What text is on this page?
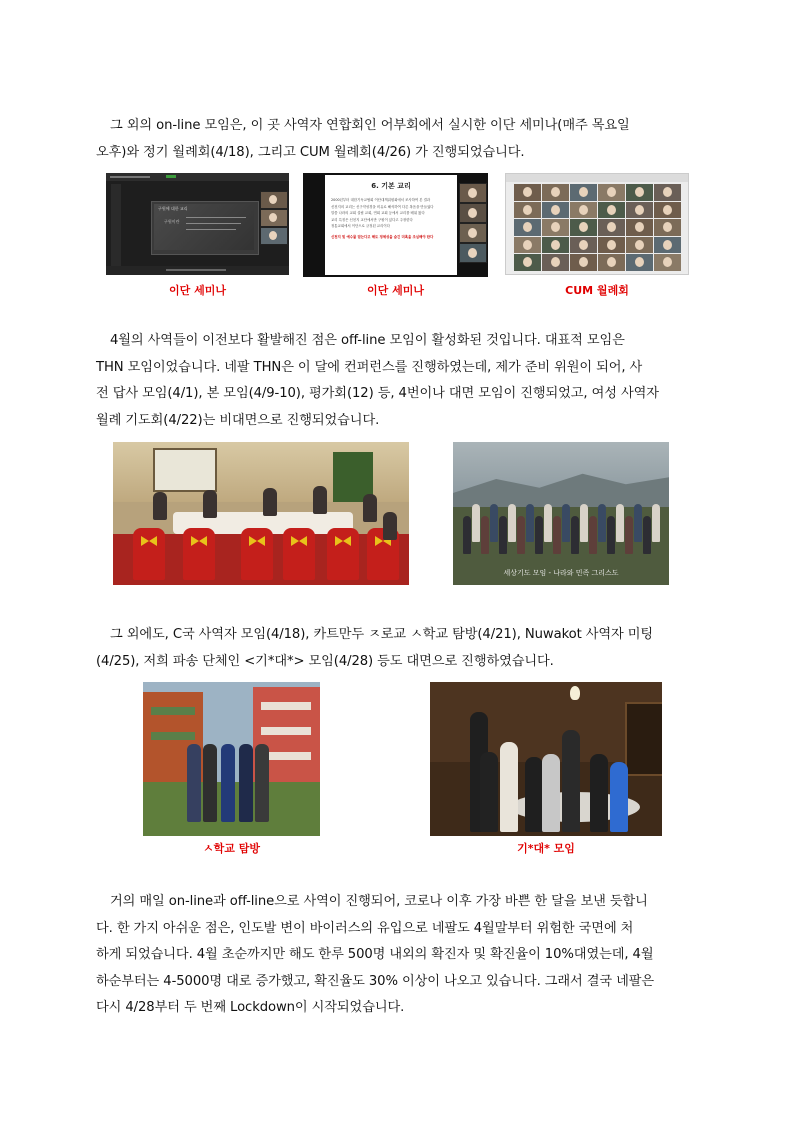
그 외의 on-line 모임은, 이 곳 사역자 연합회인 어부회에서 실시한 이단 세미나(매주 목요일
오후)와 정기 월례회(4/18), 그리고 CUM 월례회(4/26) 가 진행되었습니다.
구원에 대한 교리
구원이란
6. 기본 교리
2000년부터 대한기독교협회 이단대책위원회에서 조사하여 본 결과
신천지의 교리는 신구약성경을 비유로 해석하여 다른 복음을 만들었다
말씀 나라의 교회 설립 교회, 연회 교회 등에서 교리를 배워 왔다
교리 특징은 신천지 교단에서만 구원이 있다고 주장한다
정통교회에서 이단으로 규정된 교리이다
신천지 및 예수를 믿는다고 해도 정체성을 숨긴 미혹을 조심해야 한다
이단 세미나	이단 세미나	CUM 월례회
4월의 사역들이 이전보다 활발해진 점은 off-line 모임이 활성화된 것입니다. 대표적 모임은
THN 모임이었습니다. 네팔 THN은 이 달에 컨퍼런스를 진행하였는데, 제가 준비 위원이 되어, 사
전 답사 모임(4/1), 본 모임(4/9-10), 평가회(12) 등, 4번이나 대면 모임이 진행되었고, 여성 사역자
월례 기도회(4/22)는 비대면으로 진행되었습니다.
세상기도 모임 - 나라와 민족 그리스도
그 외에도, C국 사역자 모임(4/18), 카트만두 ㅈ로교 ㅅ학교 탐방(4/21), Nuwakot 사역자 미팅
(4/25), 저희 파송 단체인 <기*대*> 모임(4/28) 등도 대면으로 진행하였습니다.
ㅅ학교 탐방	기*대* 모임
거의 매일 on-line과 off-line으로 사역이 진행되어, 코로나 이후 가장 바쁜 한 달을 보낸 듯합니
다. 한 가지 아쉬운 점은, 인도발 변이 바이러스의 유입으로 네팔도 4월말부터 위험한 국면에 처
하게 되었습니다. 4월 초순까지만 해도 한루 500명 내외의 확진자 및 확진율이 10%대였는데, 4월
하순부터는 4-5000명 대로 증가했고, 확진율도 30% 이상이 나오고 있습니다. 그래서 결국 네팔은
다시 4/28부터 두 번째 Lockdown이 시작되었습니다.
